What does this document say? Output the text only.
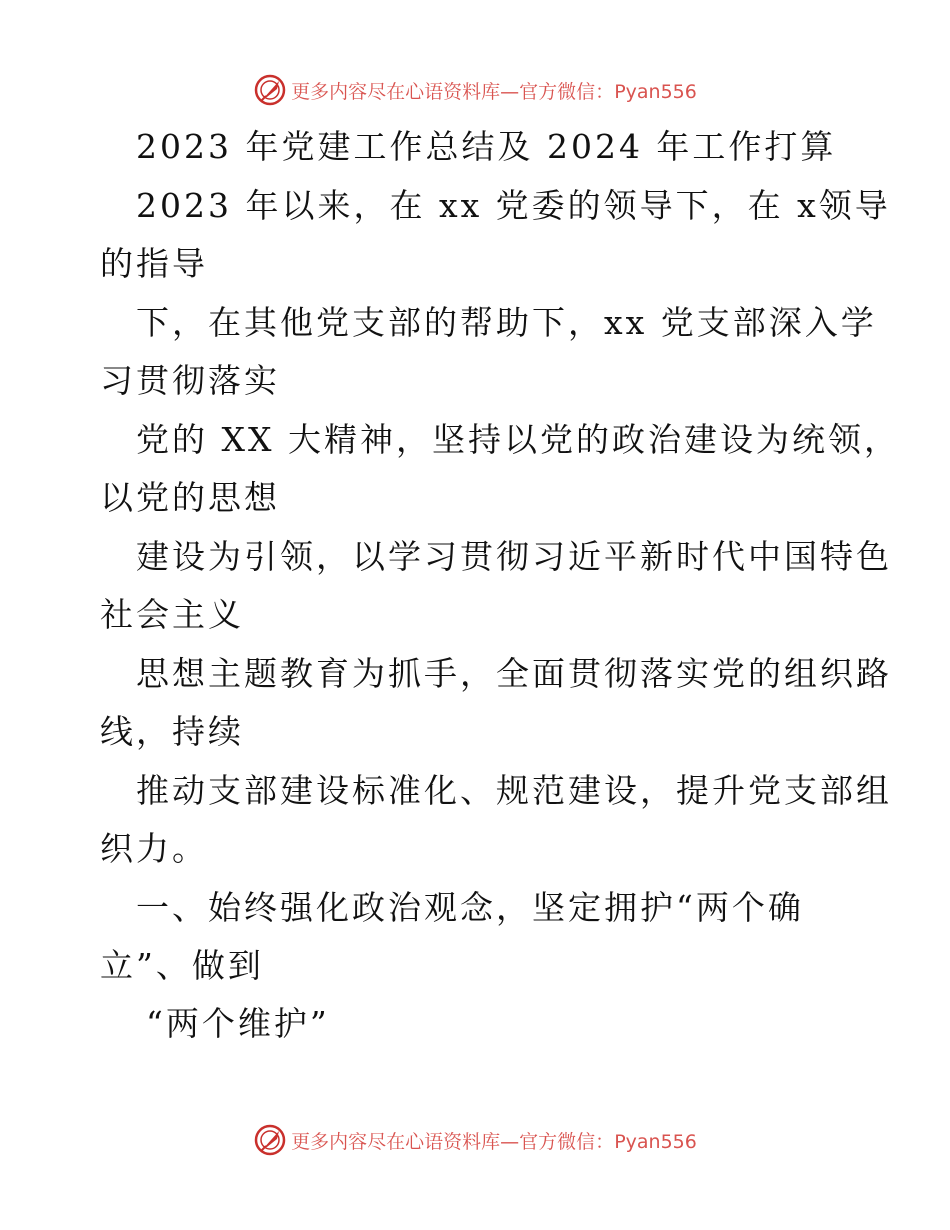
更多内容尽在心语资料库—官方微信：Pyan556
2023 年党建工作总结及 2024 年工作打算
2023 年以来，在 xx 党委的领导下，在 x领导
的指导
下，在其他党支部的帮助下，xx 党支部深入学
习贯彻落实
党的 XX 大精神，坚持以党的政治建设为统领，
以党的思想
建设为引领，以学习贯彻习近平新时代中国特色
社会主义
思想主题教育为抓手，全面贯彻落实党的组织路
线，持续
推动支部建设标准化、规范建设，提升党支部组
织力。
一、始终强化政治观念，坚定拥护“两个确
立”、做到
“两个维护”
更多内容尽在心语资料库—官方微信：Pyan556
